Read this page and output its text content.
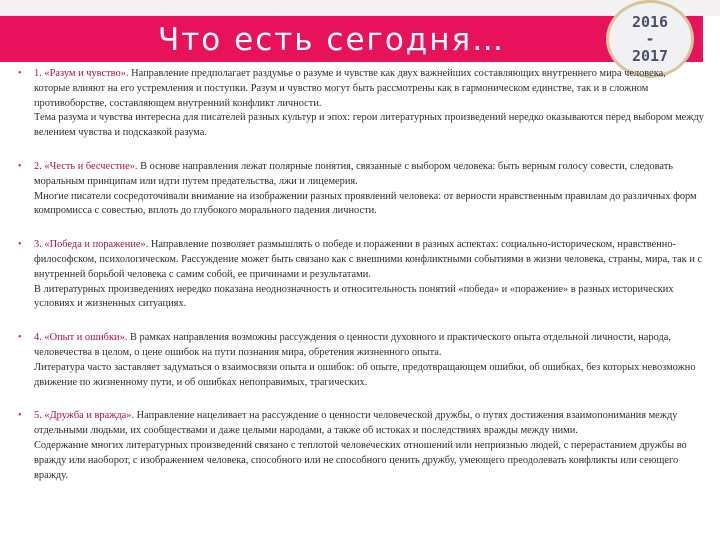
Что есть сегодня…
2016
-
2017
• 1. «Разум и чувство». Направление предполагает раздумье о разуме и чувстве как двух важнейших составляющих внутреннего мира человека, которые влияют на его устремления и поступки. Разум и чувство могут быть рассмотрены как в гармоническом единстве, так и в сложном противоборстве, составляющем внутренний конфликт личности.

Тема разума и чувства интересна для писателей разных культур и эпох: герои литературных произведений нередко оказываются перед выбором между велением чувства и подсказкой разума.

• 2. «Честь и бесчестие». В основе направления лежат полярные понятия, связанные с выбором человека: быть верным голосу совести, следовать моральным принципам или идти путем предательства, лжи и лицемерия.

Многие писатели сосредоточивали внимание на изображении разных проявлений человека: от верности нравственным правилам до различных форм компромисса с совестью, вплоть до глубокого морального падения личности.

• 3. «Победа и поражение». Направление позволяет размышлять о победе и поражении в разных аспектах: социально-историческом, нравственно-философском, психологическом. Рассуждение может быть связано как с внешними конфликтными событиями в жизни человека, страны, мира, так и с внутренней борьбой человека с самим собой, ее причинами и результатами.

В литературных произведениях нередко показана неоднозначность и относительность понятий «победа» и «поражение» в разных исторических условиях и жизненных ситуациях.

• 4. «Опыт и ошибки». В рамках направления возможны рассуждения о ценности духовного и практического опыта отдельной личности, народа, человечества в целом, о цене ошибок на пути познания мира, обретения жизненного опыта.

Литература часто заставляет задуматься о взаимосвязи опыта и ошибок: об опыте, предотвращающем ошибки, об ошибках, без которых невозможно движение по жизненному пути, и об ошибках непоправимых, трагических.

• 5. «Дружба и вражда». Направление нацеливает на рассуждение о ценности человеческой дружбы, о путях достижения взаимопонимания между отдельными людьми, их сообществами и даже целыми народами, а также об истоках и последствиях вражды между ними.

Содержание многих литературных произведений связано с теплотой человеческих отношений или неприязнью людей, с перерастанием дружбы во вражду или наоборот, с изображением человека, способного или не способного ценить дружбу, умеющего преодолевать конфликты или сеющего вражду.
